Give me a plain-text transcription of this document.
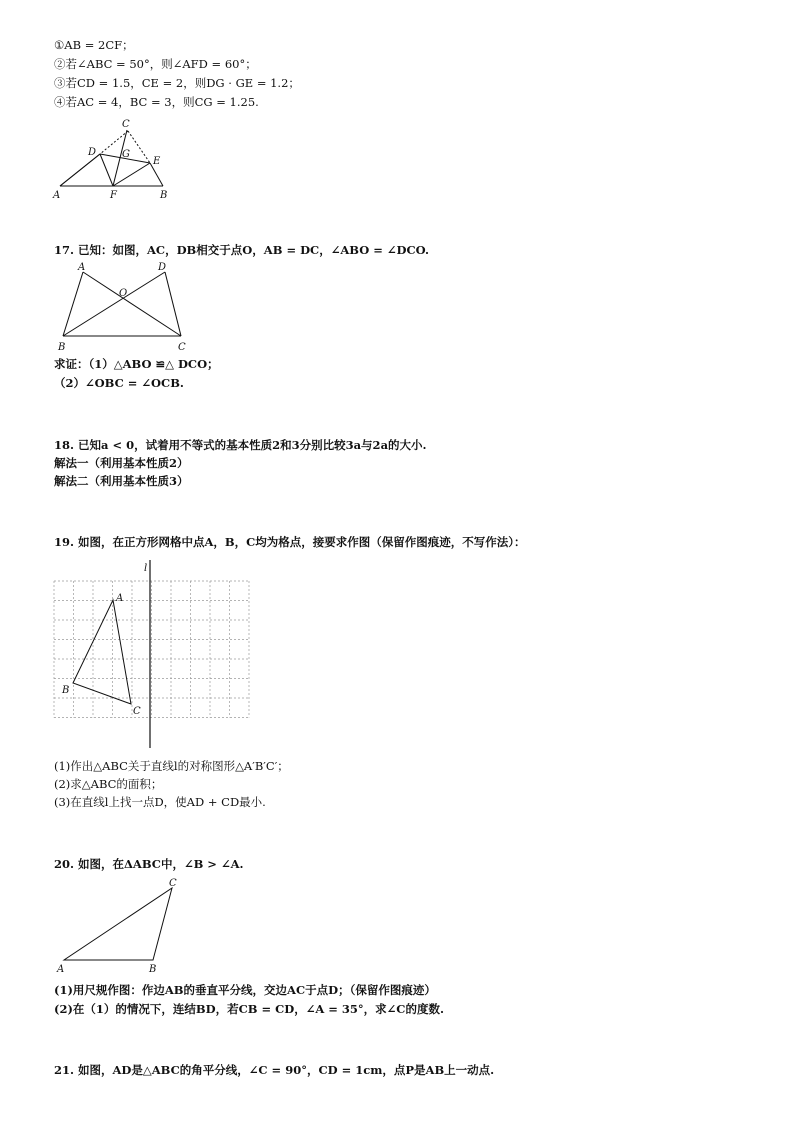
①AB = 2CF；
②若∠ABC = 50°，则∠AFD = 60°；
③若CD = 1.5，CE = 2，则DG · GE = 1.2；
④若AC = 4，BC = 3，则CG = 1.25.
C
D
E
G
A	F	B
17. 已知：如图，AC，DB相交于点O，AB = DC，∠ABO = ∠DCO.
A	D
O
B	C
求证：（1）△ABO ≌△ DCO；
（2）∠OBC = ∠OCB.
18. 已知a < 0，试着用不等式的基本性质2和3分别比较3a与2a的大小.
解法一（利用基本性质2）
解法二（利用基本性质3）
19. 如图，在正方形网格中点A，B，C均为格点，接要求作图（保留作图痕迹，不写作法）：
l
A
B
C
(1)作出△ABC关于直线l的对称图形△A′B′C′；
(2)求△ABC的面积；
(3)在直线l上找一点D，使AD + CD最小.
20. 如图，在ΔABC中，∠B > ∠A.
C
A	B
(1)用尺规作图：作边AB的垂直平分线，交边AC于点D；（保留作图痕迹）
(2)在（1）的情况下，连结BD，若CB = CD，∠A = 35°，求∠C的度数.
21. 如图，AD是△ABC的角平分线，∠C = 90°，CD = 1cm，点P是AB上一动点.
